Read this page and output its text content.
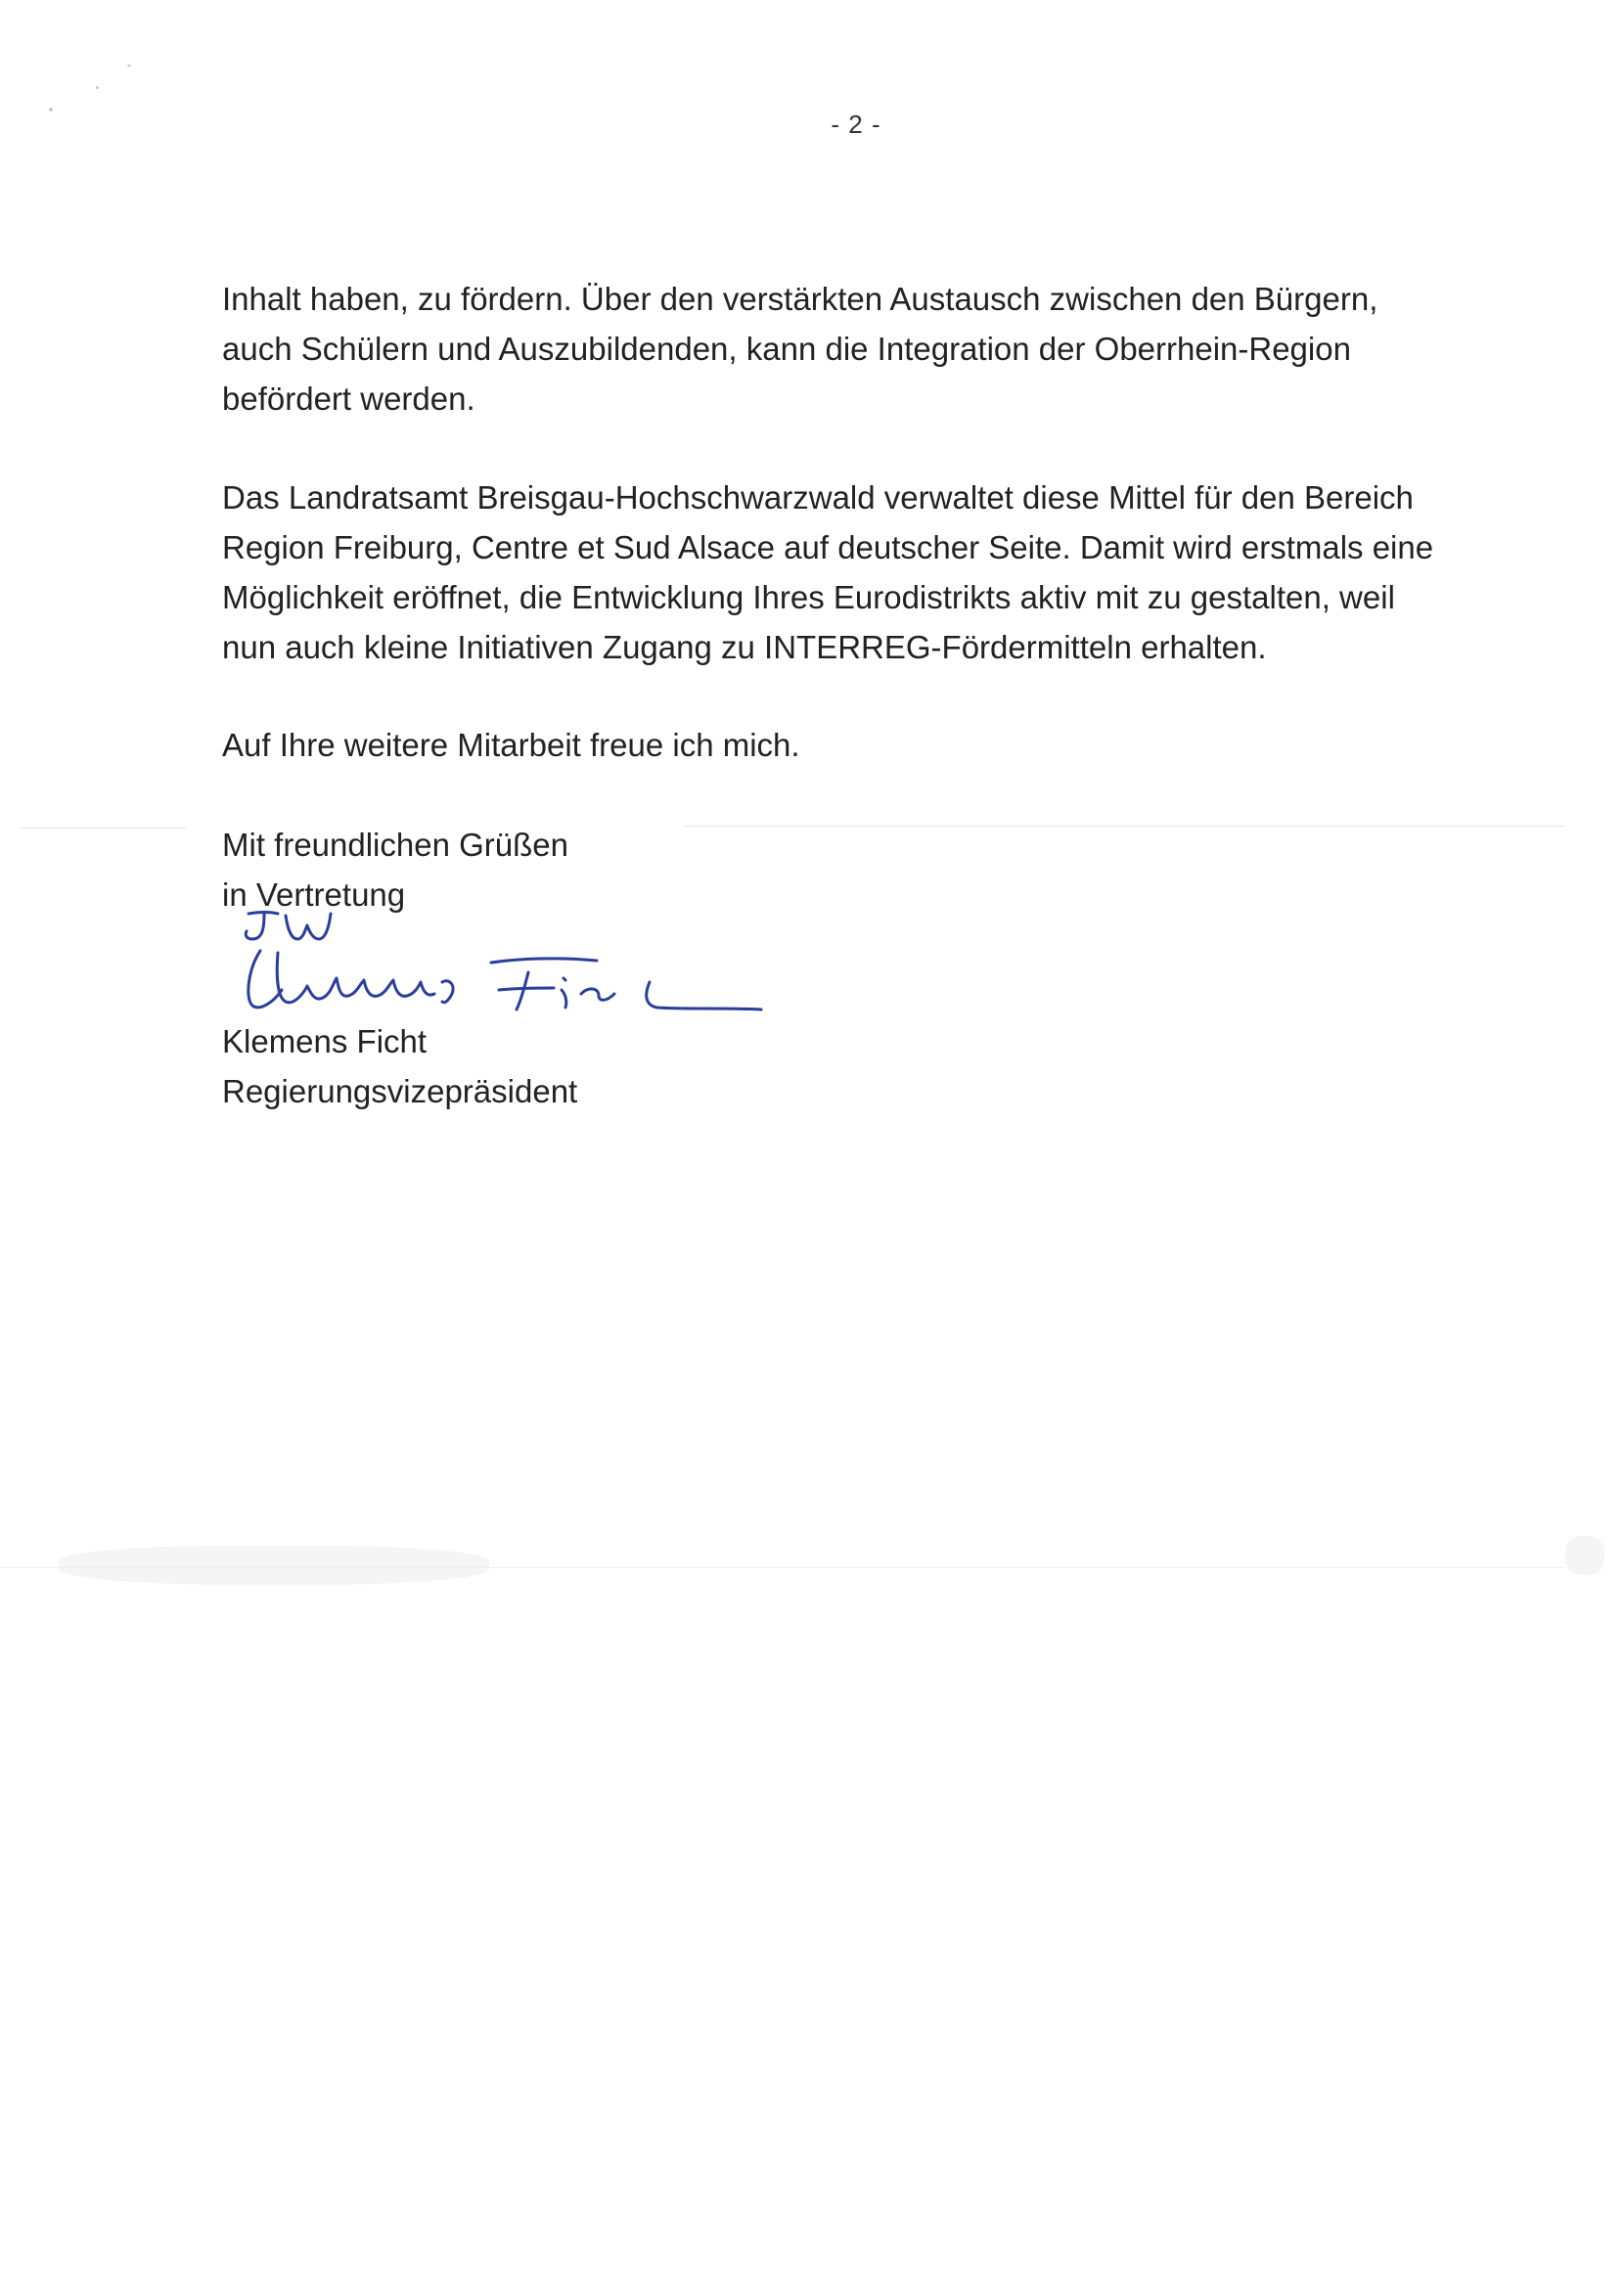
- 2 -

Inhalt haben, zu fördern. Über den verstärkten Austausch zwischen den Bürgern,
auch Schülern und Auszubildenden, kann die Integration der Oberrhein-Region
befördert werden.

Das Landratsamt Breisgau-Hochschwarzwald verwaltet diese Mittel für den Bereich
Region Freiburg, Centre et Sud Alsace auf deutscher Seite. Damit wird erstmals eine
Möglichkeit eröffnet, die Entwicklung Ihres Eurodistrikts aktiv mit zu gestalten, weil
nun auch kleine Initiativen Zugang zu INTERREG-Fördermitteln erhalten.

Auf Ihre weitere Mitarbeit freue ich mich.

Mit freundlichen Grüßen
in Vertretung
Klemens Ficht
Regierungsvizepräsident
